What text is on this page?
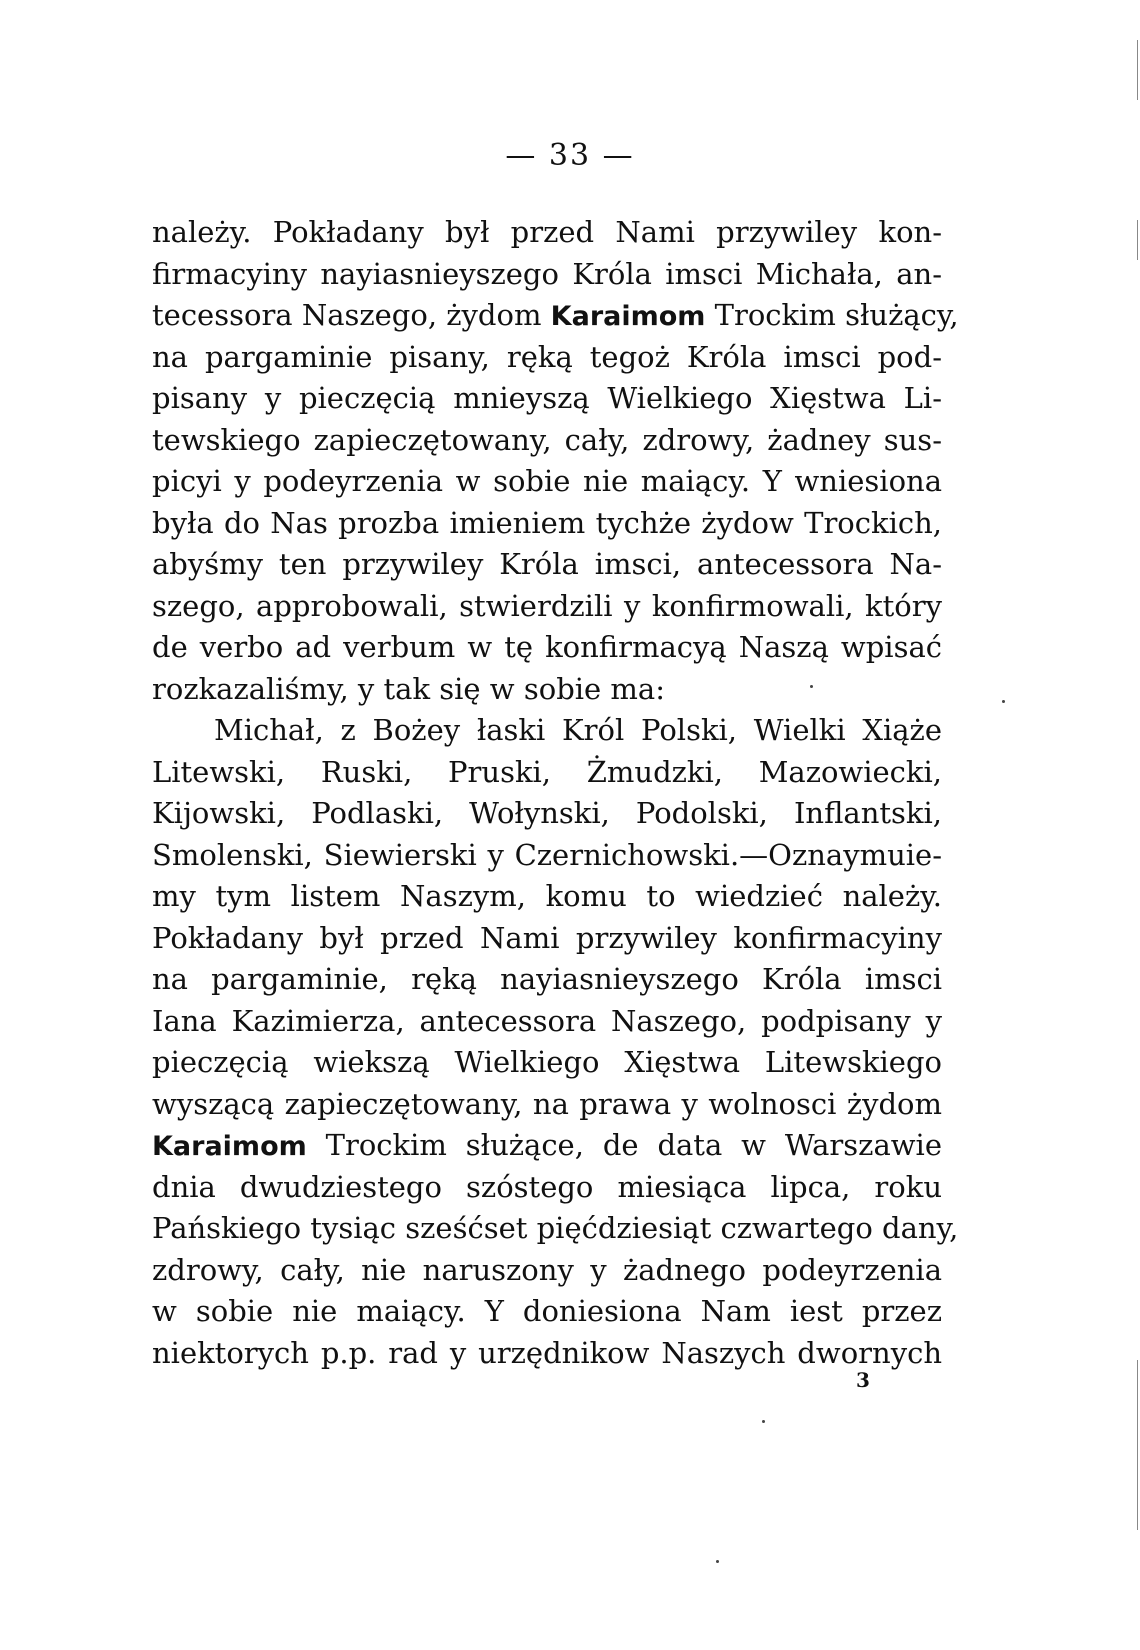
— 33 —
należy. Pokładany był przed Nami przywiley kon-
firmacyiny nayiasnieyszego Króla imsci Michała, an-
tecessora Naszego, żydom Karaimom Trockim służący,
na pargaminie pisany, ręką tegoż Króla imsci pod-
pisany y pieczęcią mnieyszą Wielkiego Xięstwa Li-
tewskiego zapieczętowany, cały, zdrowy, żadney sus-
picyi y podeyrzenia w sobie nie maiący. Y wniesiona
była do Nas prozba imieniem tychże żydow Trockich,
abyśmy ten przywiley Króla imsci, antecessora Na-
szego, approbowali, stwierdzili y konfirmowali, który
de verbo ad verbum w tę konfirmacyą Naszą wpisać
rozkazaliśmy, y tak się w sobie ma:
Michał, z Bożey łaski Król Polski, Wielki Xiąże
Litewski, Ruski, Pruski, Żmudzki, Mazowiecki,
Kijowski, Podlaski, Wołynski, Podolski, Inflantski,
Smolenski, Siewierski y Czernichowski.—Oznaymuie-
my tym listem Naszym, komu to wiedzieć należy.
Pokładany był przed Nami przywiley konfirmacyiny
na pargaminie, ręką nayiasnieyszego Króla imsci
Iana Kazimierza, antecessora Naszego, podpisany y
pieczęcią wiekszą Wielkiego Xięstwa Litewskiego
wyszącą zapieczętowany, na prawa y wolnosci żydom
Karaimom Trockim służące, de data w Warszawie
dnia dwudziestego szóstego miesiąca lipca, roku
Pańskiego tysiąc sześćset pięćdziesiąt czwartego dany,
zdrowy, cały, nie naruszony y żadnego podeyrzenia
w sobie nie maiący. Y doniesiona Nam iest przez
niektorych p.p. rad y urzędnikow Naszych dwornych
3
